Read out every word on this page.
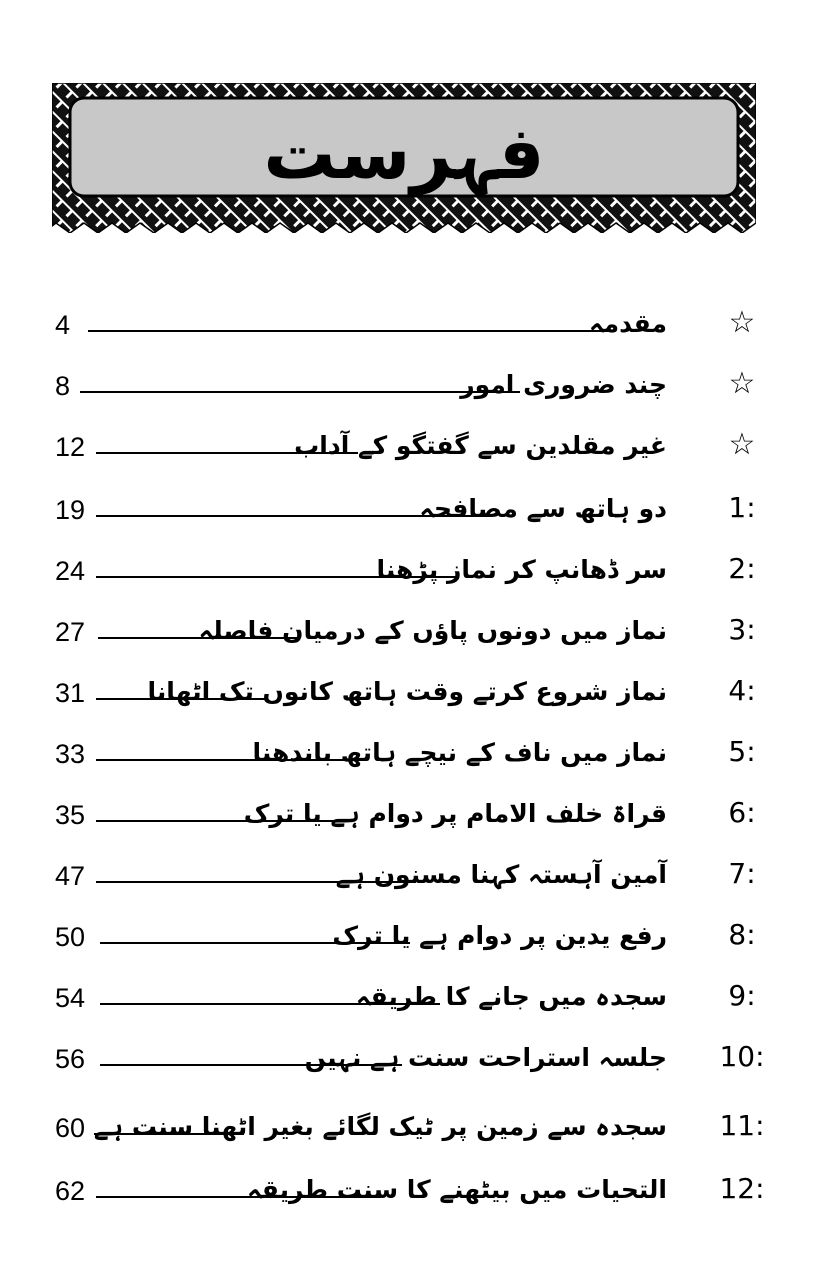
فہرست
☆
مقدمہ
4
☆
چند ضروری امور
8
☆
غیر مقلدین سے گفتگو کے آداب
12
1:
دو ہاتھ سے مصافحہ
19
2:
سر ڈھانپ کر نماز پڑھنا
24
3:
نماز میں دونوں پاؤں کے درمیان فاصلہ
27
4:
نماز شروع کرتے وقت ہاتھ کانوں تک اٹھانا
31
5:
نماز میں ناف کے نیچے ہاتھ باندھنا
33
6:
قراۃ خلف الامام پر دوام ہے یا ترک
35
7:
آمین آہستہ کہنا مسنون ہے
47
8:
رفع یدین پر دوام ہے یا ترک
50
9:
سجدہ میں جانے کا طریقہ
54
10:
جلسہ استراحت سنت ہے نہیں
56
11:
سجدہ سے زمین پر ٹیک لگائے بغیر اٹھنا سنت ہے
60
12:
التحیات میں بیٹھنے کا سنت طریقہ
62
